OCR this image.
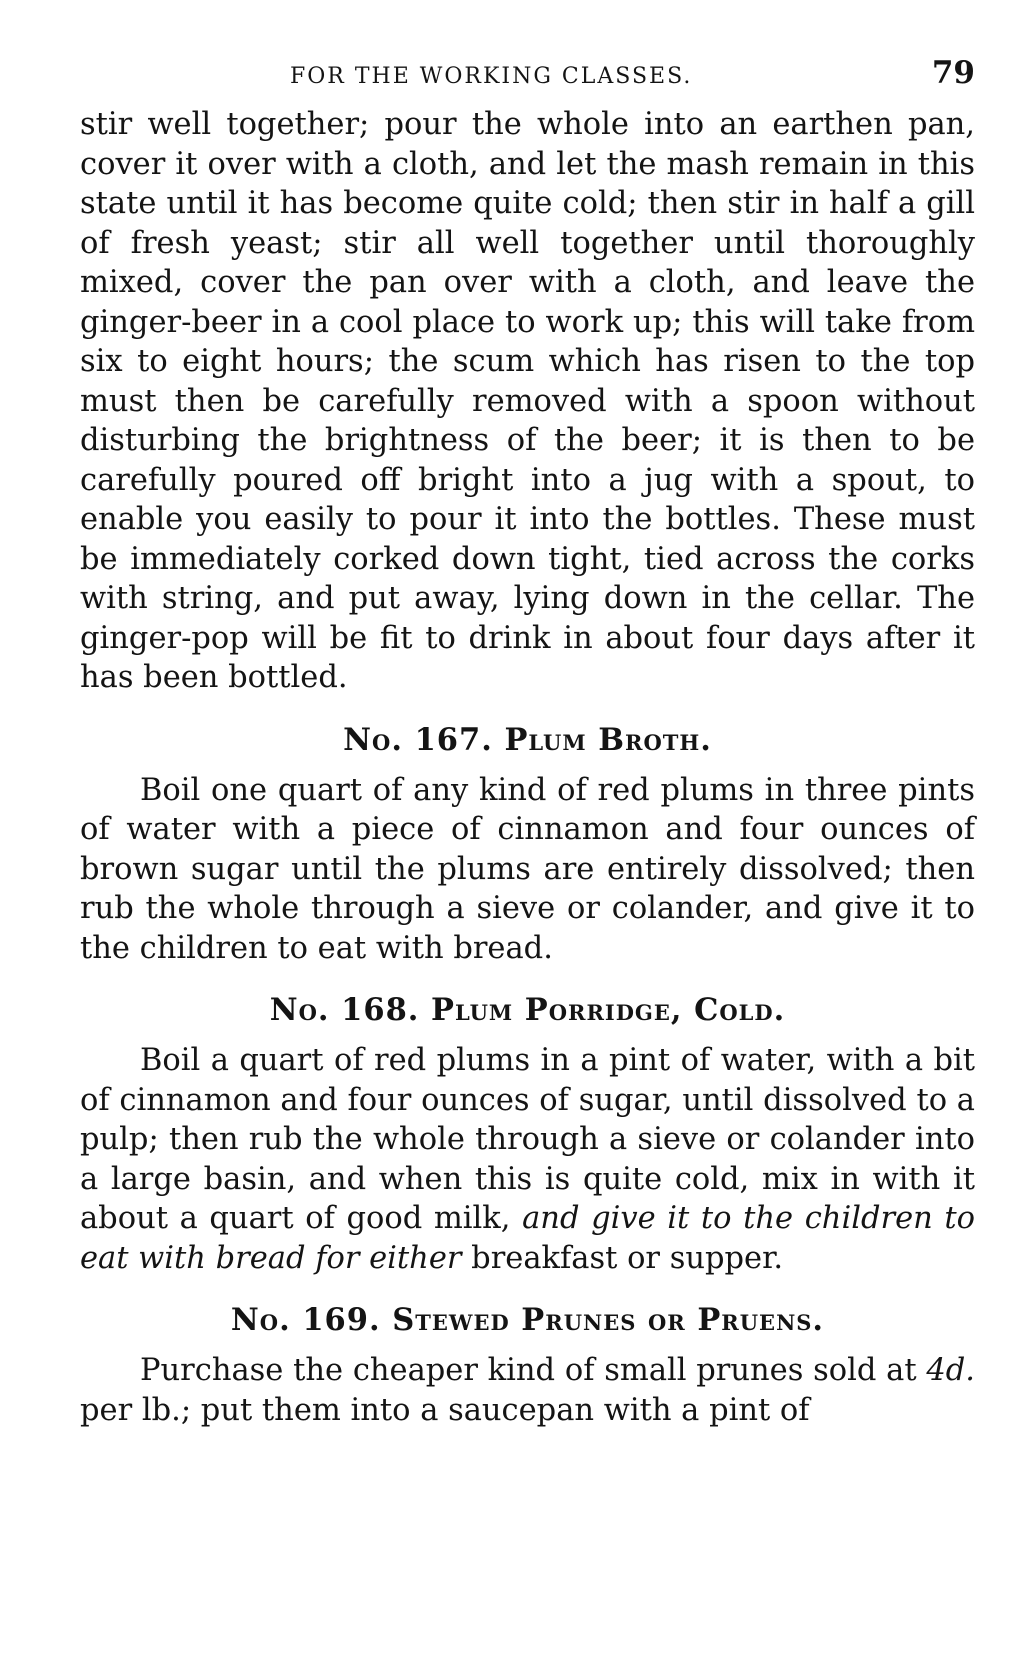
FOR THE WORKING CLASSES.	79

stir well together; pour the whole into an earthen pan, cover it over with a cloth, and let the mash remain in this state until it has become quite cold; then stir in half a gill of fresh yeast; stir all well together until thoroughly mixed, cover the pan over with a cloth, and leave the ginger-beer in a cool place to work up; this will take from six to eight hours; the scum which has risen to the top must then be carefully removed with a spoon without disturbing the brightness of the beer; it is then to be carefully poured off bright into a jug with a spout, to enable you easily to pour it into the bottles. These must be immediately corked down tight, tied across the corks with string, and put away, lying down in the cellar. The ginger-pop will be fit to drink in about four days after it has been bottled.

No. 167. Plum Broth.

Boil one quart of any kind of red plums in three pints of water with a piece of cinnamon and four ounces of brown sugar until the plums are entirely dissolved; then rub the whole through a sieve or colander, and give it to the children to eat with bread.

No. 168. Plum Porridge, Cold.

Boil a quart of red plums in a pint of water, with a bit of cinnamon and four ounces of sugar, until dissolved to a pulp; then rub the whole through a sieve or colander into a large basin, and when this is quite cold, mix in with it about a quart of good milk, and give it to the children to eat with bread for either breakfast or supper.

No. 169. Stewed Prunes or Pruens.

Purchase the cheaper kind of small prunes sold at 4d. per lb.; put them into a saucepan with a pint of
